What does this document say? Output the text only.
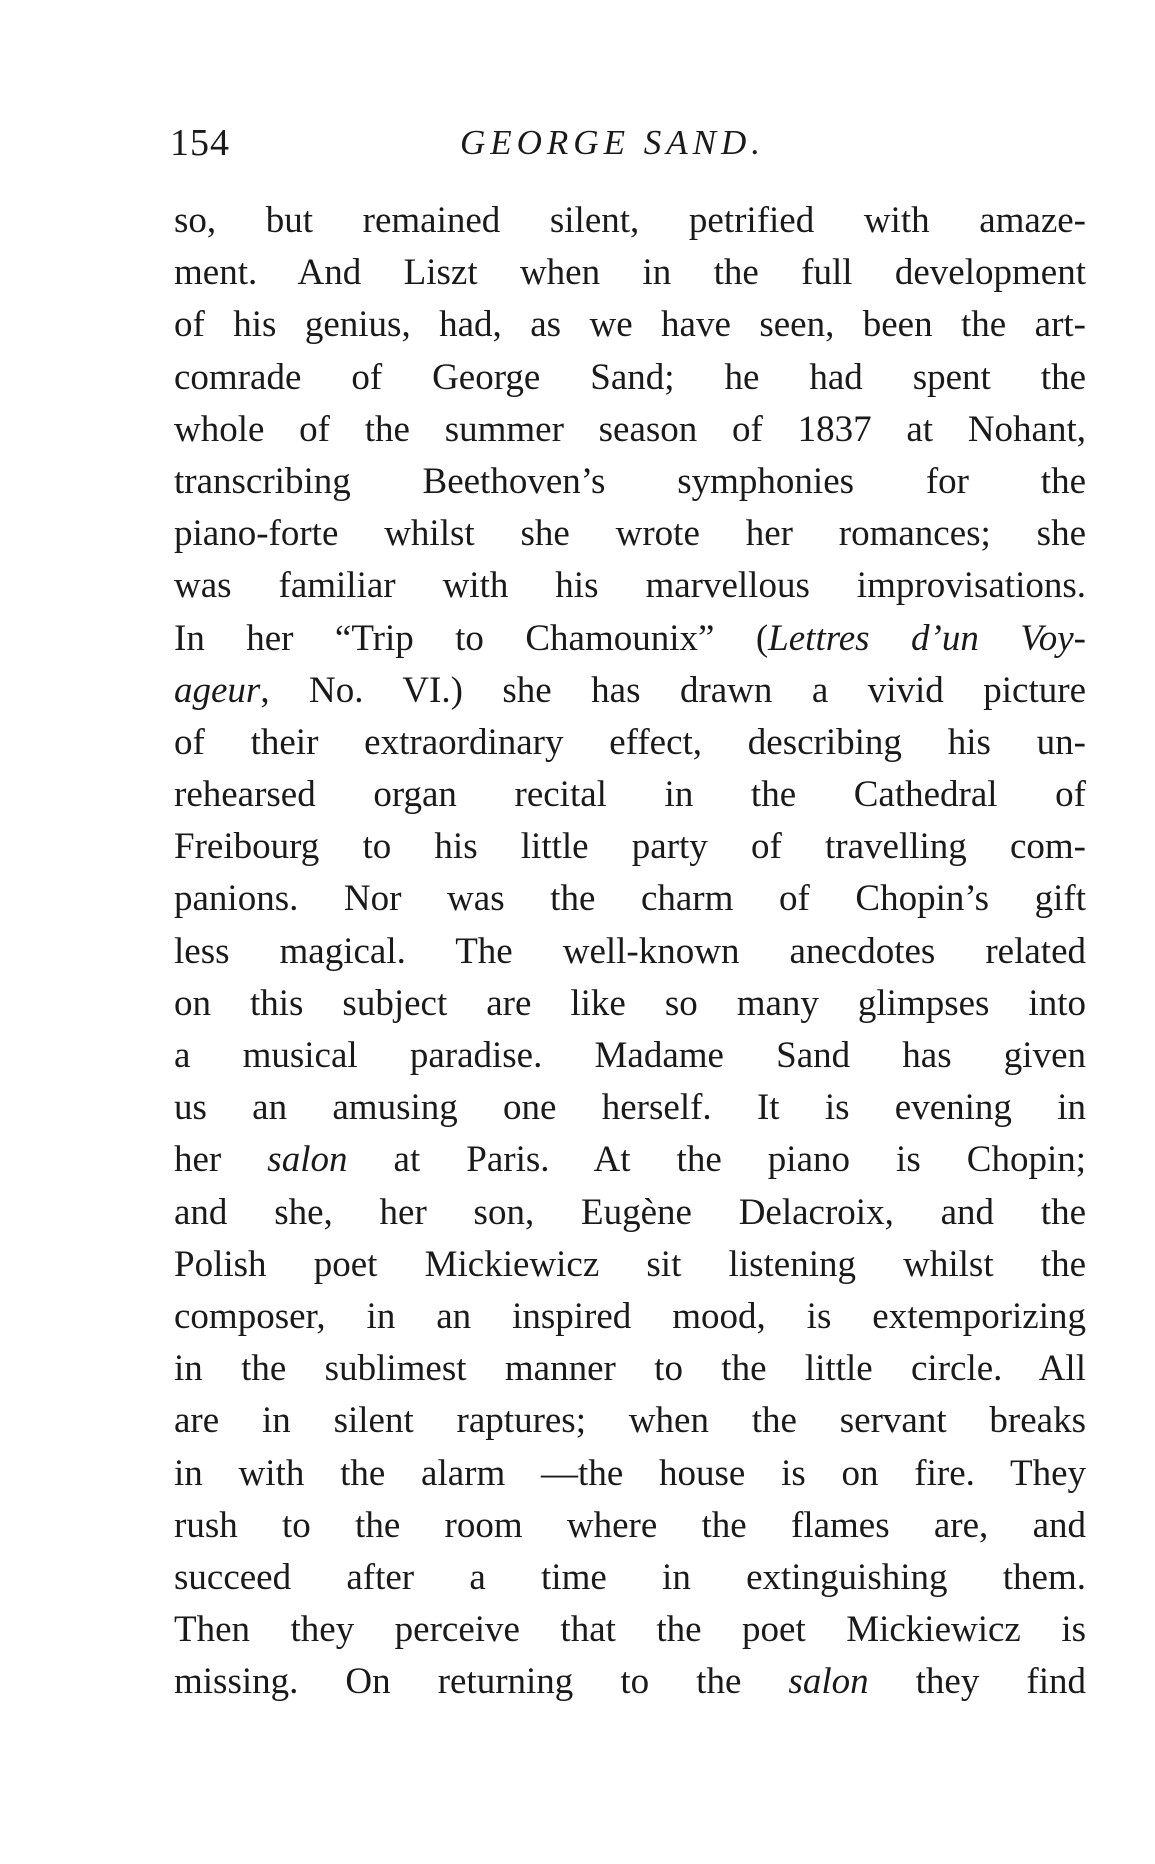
154	GEORGE SAND.
so, but remained silent, petrified with amaze-
ment. And Liszt when in the full development
of his genius, had, as we have seen, been the art-
comrade of George Sand; he had spent the
whole of the summer season of 1837 at Nohant,
transcribing Beethoven’s symphonies for the
piano-forte whilst she wrote her romances; she
was familiar with his marvellous improvisations.
In her “Trip to Chamounix” (Lettres d’un Voy-
ageur, No. VI.) she has drawn a vivid picture
of their extraordinary effect, describing his un-
rehearsed organ recital in the Cathedral of
Freibourg to his little party of travelling com-
panions. Nor was the charm of Chopin’s gift
less magical. The well-known anecdotes related
on this subject are like so many glimpses into
a musical paradise. Madame Sand has given
us an amusing one herself. It is evening in
her salon at Paris. At the piano is Chopin;
and she, her son, Eugène Delacroix, and the
Polish poet Mickiewicz sit listening whilst the
composer, in an inspired mood, is extemporizing
in the sublimest manner to the little circle. All
are in silent raptures; when the servant breaks
in with the alarm —the house is on fire. They
rush to the room where the flames are, and
succeed after a time in extinguishing them.
Then they perceive that the poet Mickiewicz is
missing. On returning to the salon they find
